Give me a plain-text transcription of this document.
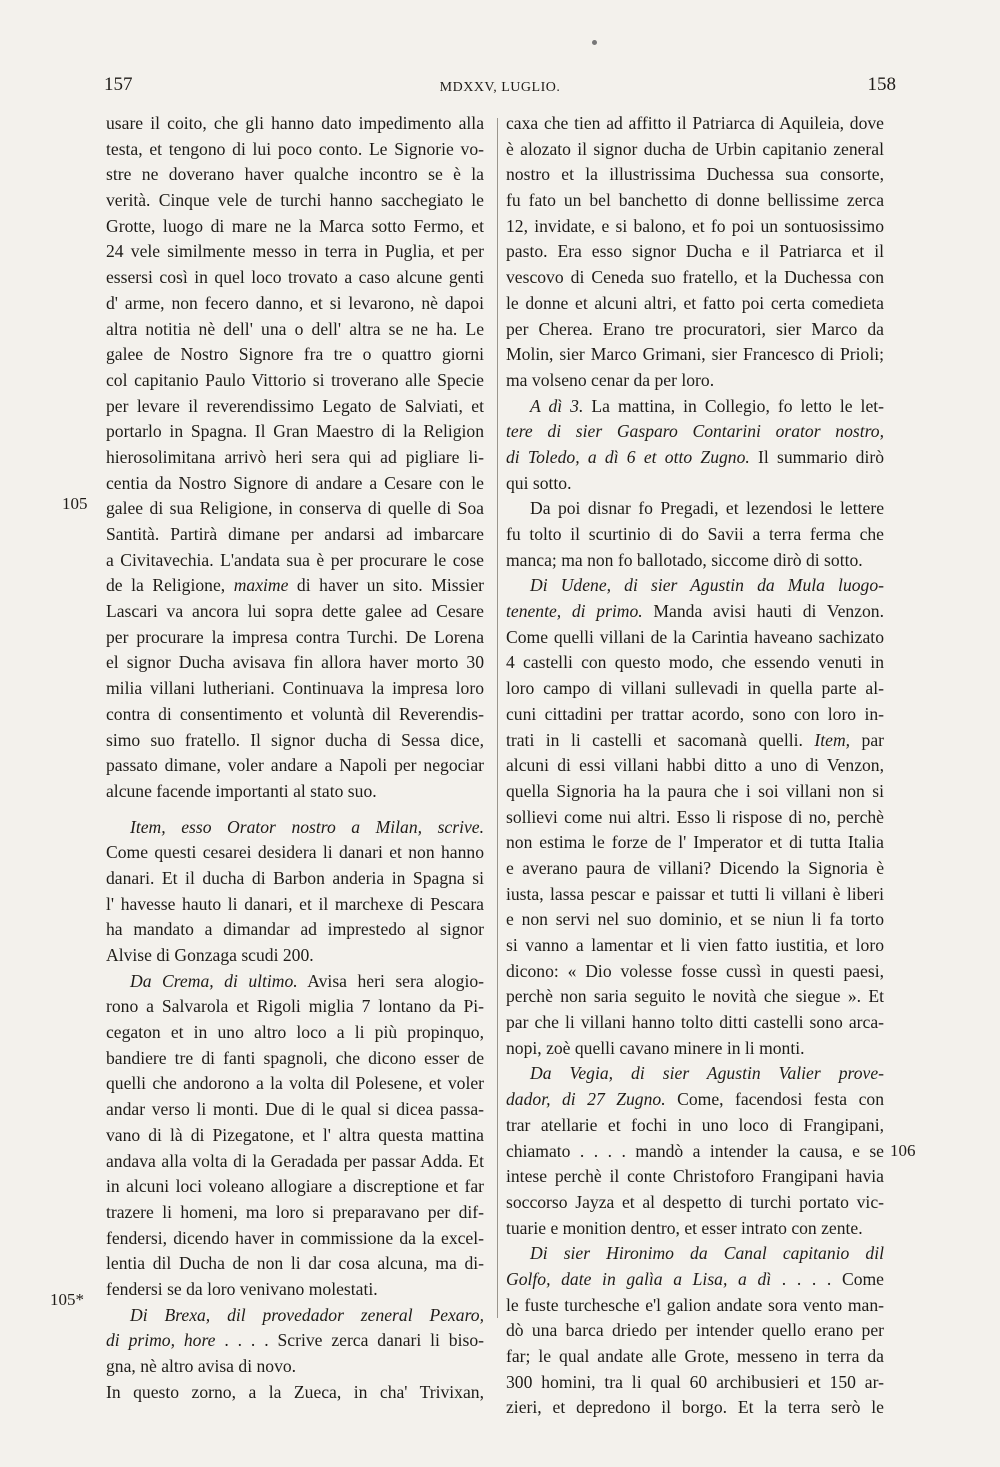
157	MDXXV, LUGLIO.	158
105
105*
106
usare il coito, che gli hanno dato impedimento alla
testa, et tengono di lui poco conto. Le Signorie vo-
stre ne doverano haver qualche incontro se è la
verità. Cinque vele de turchi hanno sacchegiato le
Grotte, luogo di mare ne la Marca sotto Fermo, et
24 vele similmente messo in terra in Puglia, et per
essersi così in quel loco trovato a caso alcune genti
d' arme, non fecero danno, et si levarono, nè dapoi
altra notitia nè dell' una o dell' altra se ne ha. Le
galee de Nostro Signore fra tre o quattro giorni
col capitanio Paulo Vittorio si troverano alle Specie
per levare il reverendissimo Legato de Salviati, et
portarlo in Spagna. Il Gran Maestro di la Religion
hierosolimitana arrivò heri sera qui ad pigliare li-
centia da Nostro Signore di andare a Cesare con le
galee di sua Religione, in conserva di quelle di Soa
Santità. Partirà dimane per andarsi ad imbarcare
a Civitavechia. L'andata sua è per procurare le cose
de la Religione, maxime di haver un sito. Missier
Lascari va ancora lui sopra dette galee ad Cesare
per procurare la impresa contra Turchi. De Lorena
el signor Ducha avisava fin allora haver morto 30
milia villani lutheriani. Continuava la impresa loro
contra di consentimento et voluntà dil Reverendis-
simo suo fratello. Il signor ducha di Sessa dice,
passato dimane, voler andare a Napoli per negociar
alcune facende importanti al stato suo.
Item, esso Orator nostro a Milan, scrive.
Come questi cesarei desidera li danari et non hanno
danari. Et il ducha di Barbon anderia in Spagna si
l' havesse hauto li danari, et il marchexe di Pescara
ha mandato a dimandar ad imprestedo al signor
Alvise di Gonzaga scudi 200.
Da Crema, di ultimo. Avisa heri sera alogio-
rono a Salvarola et Rigoli miglia 7 lontano da Pi-
cegaton et in uno altro loco a li più propinquo,
bandiere tre di fanti spagnoli, che dicono esser de
quelli che andorono a la volta dil Polesene, et voler
andar verso li monti. Due di le qual si dicea passa-
vano di là di Pizegatone, et l' altra questa mattina
andava alla volta di la Geradada per passar Adda. Et
in alcuni loci voleano allogiare a discreptione et far
trazere li homeni, ma loro si preparavano per dif-
fendersi, dicendo haver in commissione da la excel-
lentia dil Ducha de non li dar cosa alcuna, ma di-
fendersi se da loro venivano molestati.
Di Brexa, dil provedador zeneral Pexaro,
di primo, hore . . . . Scrive zerca danari li biso-
gna, nè altro avisa di novo.
In questo zorno, a la Zueca, in cha' Trivixan,
caxa che tien ad affitto il Patriarca di Aquileia, dove
è alozato il signor ducha de Urbin capitanio zeneral
nostro et la illustrissima Duchessa sua consorte,
fu fato un bel banchetto di donne bellissime zerca
12, invidate, e si balono, et fo poi un sontuosissimo
pasto. Era esso signor Ducha e il Patriarca et il
vescovo di Ceneda suo fratello, et la Duchessa con
le donne et alcuni altri, et fatto poi certa comedieta
per Cherea. Erano tre procuratori, sier Marco da
Molin, sier Marco Grimani, sier Francesco di Prioli;
ma volseno cenar da per loro.
A dì 3. La mattina, in Collegio, fo letto le let-
tere di sier Gasparo Contarini orator nostro,
di Toledo, a dì 6 et otto Zugno. Il summario dirò
qui sotto.
Da poi disnar fo Pregadi, et lezendosi le lettere
fu tolto il scurtinio di do Savii a terra ferma che
manca; ma non fo ballotado, siccome dirò di sotto.
Di Udene, di sier Agustin da Mula luogo-
tenente, di primo. Manda avisi hauti di Venzon.
Come quelli villani de la Carintia haveano sachizato
4 castelli con questo modo, che essendo venuti in
loro campo di villani sullevadi in quella parte al-
cuni cittadini per trattar acordo, sono con loro in-
trati in li castelli et sacomanà quelli. Item, par
alcuni di essi villani habbi ditto a uno di Venzon,
quella Signoria ha la paura che i soi villani non si
sollievi come nui altri. Esso li rispose di no, perchè
non estima le forze de l' Imperator et di tutta Italia
e averano paura de villani? Dicendo la Signoria è
iusta, lassa pescar e paissar et tutti li villani è liberi
e non servi nel suo dominio, et se niun li fa torto
si vanno a lamentar et li vien fatto iustitia, et loro
dicono: « Dio volesse fosse cussì in questi paesi,
perchè non saria seguito le novità che siegue ». Et
par che li villani hanno tolto ditti castelli sono arca-
nopi, zoè quelli cavano minere in li monti.
Da Vegia, di sier Agustin Valier prove-
dador, di 27 Zugno. Come, facendosi festa con
trar atellarie et fochi in uno loco di Frangipani,
chiamato . . . . mandò a intender la causa, e se
intese perchè il conte Christoforo Frangipani havia
soccorso Jayza et al despetto di turchi portato vic-
tuarie e monition dentro, et esser intrato con zente.
Di sier Hironimo da Canal capitanio dil
Golfo, date in galìa a Lisa, a dì . . . . Come
le fuste turchesche e'l galion andate sora vento man-
dò una barca driedo per intender quello erano per
far; le qual andate alle Grote, messeno in terra da
300 homini, tra li qual 60 archibusieri et 150 ar-
zieri, et depredono il borgo. Et la terra serò le
